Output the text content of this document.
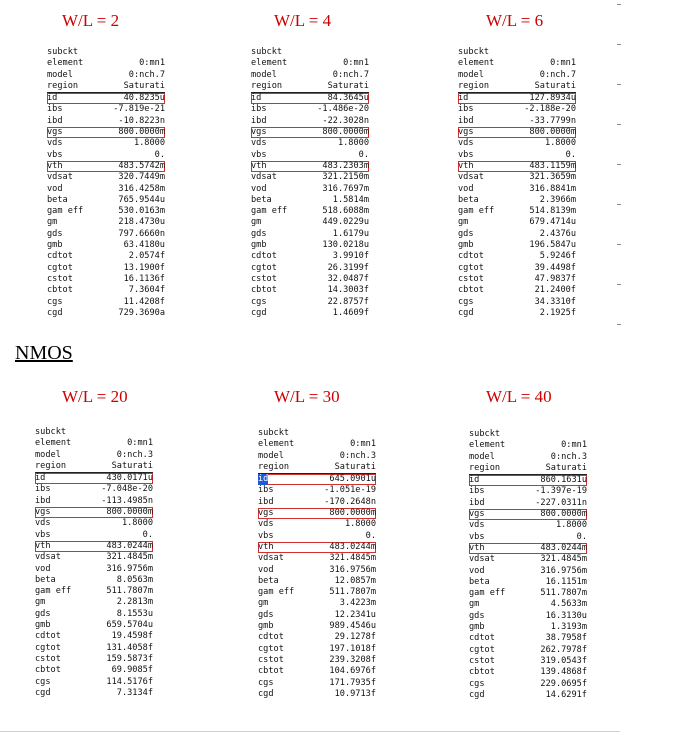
W/L = 2	W/L = 4	W/L = 6
NMOS
W/L = 20	W/L = 30	W/L = 40
subckt
element	0:mn1
model	0:nch.7
region	Saturati
id	40.8235u
ibs	-7.819e-21
ibd	-10.8223n
vgs	800.0000m
vds	1.8000
vbs	0.
vth	483.5742m
vdsat	320.7449m
vod	316.4258m
beta	765.9544u
gam eff	530.0163m
gm	218.4730u
gds	797.6660n
gmb	63.4180u
cdtot	2.0574f
cgtot	13.1900f
cstot	16.1136f
cbtot	7.3604f
cgs	11.4208f
cgd	729.3690a
subckt
element	0:mn1
model	0:nch.7
region	Saturati
id	84.3645u
ibs	-1.486e-20
ibd	-22.3028n
vgs	800.0000m
vds	1.8000
vbs	0.
vth	483.2303m
vdsat	321.2150m
vod	316.7697m
beta	1.5814m
gam eff	518.6088m
gm	449.0229u
gds	1.6179u
gmb	130.0218u
cdtot	3.9910f
cgtot	26.3199f
cstot	32.0487f
cbtot	14.3003f
cgs	22.8757f
cgd	1.4609f
subckt
element	0:mn1
model	0:nch.7
region	Saturati
id	127.8934u
ibs	-2.188e-20
ibd	-33.7799n
vgs	800.0000m
vds	1.8000
vbs	0.
vth	483.1159m
vdsat	321.3659m
vod	316.8841m
beta	2.3966m
gam eff	514.8139m
gm	679.4714u
gds	2.4376u
gmb	196.5847u
cdtot	5.9246f
cgtot	39.4498f
cstot	47.9837f
cbtot	21.2400f
cgs	34.3310f
cgd	2.1925f
subckt
element	0:mn1
model	0:nch.3
region	Saturati
id	430.0171u
ibs	-7.048e-20
ibd	-113.4985n
vgs	800.0000m
vds	1.8000
vbs	0.
vth	483.0244m
vdsat	321.4845m
vod	316.9756m
beta	8.0563m
gam eff	511.7807m
gm	2.2813m
gds	8.1553u
gmb	659.5704u
cdtot	19.4598f
cgtot	131.4058f
cstot	159.5873f
cbtot	69.9085f
cgs	114.5176f
cgd	7.3134f
subckt
element	0:mn1
model	0:nch.3
region	Saturati
id	645.0901u
ibs	-1.051e-19
ibd	-170.2648n
vgs	800.0000m
vds	1.8000
vbs	0.
vth	483.0244m
vdsat	321.4845m
vod	316.9756m
beta	12.0857m
gam eff	511.7807m
gm	3.4223m
gds	12.2341u
gmb	989.4546u
cdtot	29.1278f
cgtot	197.1018f
cstot	239.3208f
cbtot	104.6976f
cgs	171.7935f
cgd	10.9713f
subckt
element	0:mn1
model	0:nch.3
region	Saturati
id	860.1631u
ibs	-1.397e-19
ibd	-227.0311n
vgs	800.0000m
vds	1.8000
vbs	0.
vth	483.0244m
vdsat	321.4845m
vod	316.9756m
beta	16.1151m
gam eff	511.7807m
gm	4.5633m
gds	16.3130u
gmb	1.3193m
cdtot	38.7958f
cgtot	262.7978f
cstot	319.0543f
cbtot	139.4868f
cgs	229.0695f
cgd	14.6291f
